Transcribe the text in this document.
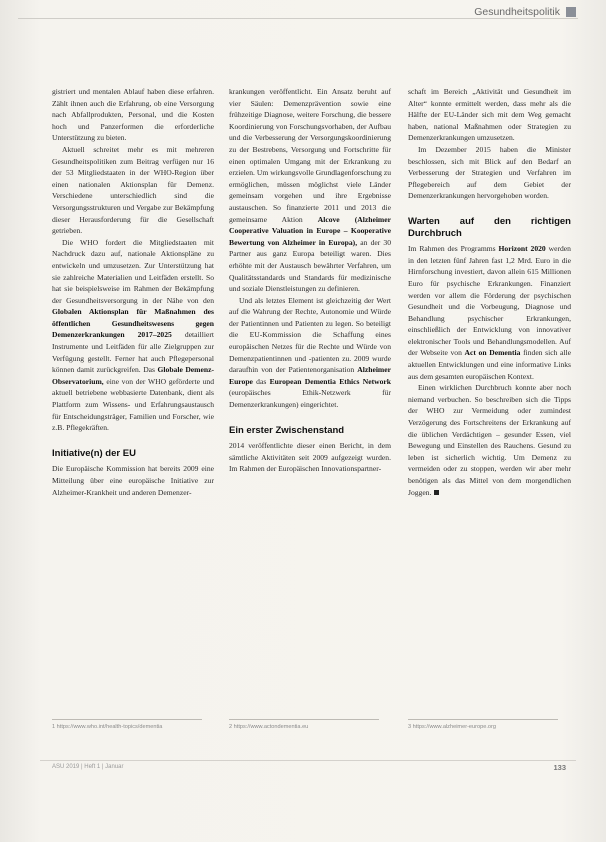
Gesundheitspolitik

gistriert und mentalen Ablauf haben diese erfahren. Zählt ihnen auch die Erfahrung, ob eine Versorgung nach Abfallprodukten, Personal, und die Kosten hoch und Panzerformen die erforderliche Unterstützung zu bieten.

Aktuell schreitet mehr es mit mehreren Gesundheitspolitiken zum Beitrag verfügen nur 16 der 53 Mitgliedstaaten in der WHO-Region über einen nationalen Aktionsplan für Demenz. Verschiedene unterschiedlich sind die Versorgungsstrukturen und Vergabe zur Bekämpfung dieser Herausforderung für die Gesellschaft getrieben.

Die WHO fordert die Mitgliedstaaten mit Nachdruck dazu auf, nationale Aktionspläne zu entwickeln und umzusetzen. Zur Unterstützung hat sie zahlreiche Materialien und Leitfäden erstellt. So hat sie beispielsweise im Rahmen der Bekämpfung der Gesundheitsversorgung in der Nähe von den Globalen Aktionsplan für Maßnahmen des öffentlichen Gesundheitswesens gegen Demenzerkrankungen 2017–2025 detailliert Instrumente und Leitfäden für alle Zielgruppen zur Verfügung gestellt. Ferner hat auch Pflegepersonal können damit zurückgreifen. Das Globale Demenz-Observatorium, eine von der WHO geförderte und aktuell betriebene webbasierte Datenbank, dient als Plattform zum Wissens- und Erfahrungsaustausch für Entscheidungsträger, Familien und Forscher, wie z.B. Pflegekräften.

Initiative(n) der EU

Die Europäische Kommission hat bereits 2009 eine Mitteilung über eine europäische Initiative zur Alzheimer-Krankheit und anderen Demenzer-

krankungen veröffentlicht. Ein Ansatz beruht auf vier Säulen: Demenzprävention sowie eine frühzeitige Diagnose, weitere Forschung, die bessere Koordinierung von Forschungsvorhaben, der Aufbau und die Verbesserung der Versorgungskoordinierung zu der Bestrebens, Versorgung und Fortschritte für einen optimalen Umgang mit der Erkrankung zu erzielen. Um wirkungsvolle Grundlagenforschung zu ermöglichen, müssen möglichst viele Länder gemeinsam vorgehen und ihre Ergebnisse austauschen. So finanzierte 2011 und 2013 die gemeinsame Aktion Alcove (Alzheimer Cooperative Valuation in Europe – Kooperative Bewertung von Alzheimer in Europa), an der 30 Partner aus ganz Europa beteiligt waren. Dies erhöhte mit der Austausch bewährter Verfahren, um Qualitätsstandards und Standards für medizinische und soziale Dienstleistungen zu definieren.

Und als letztes Element ist gleichzeitig der Wert auf die Wahrung der Rechte, Autonomie und Würde der Patientinnen und Patienten zu legen. So beteiligt die EU-Kommission die Schaffung eines europäischen Netzes für die Rechte und Würde von Demenzpatientinnen und -patienten zu. 2009 wurde daraufhin von der Patientenorganisation Alzheimer Europe das European Dementia Ethics Network (europäisches Ethik-Netzwerk für Demenzerkrankungen) eingerichtet.

Ein erster Zwischenstand

2014 veröffentlichte dieser einen Bericht, in dem sämtliche Aktivitäten seit 2009 aufgezeigt wurden. Im Rahmen der Europäischen Innovationspartner-

schaft im Bereich „Aktivität und Gesundheit im Alter“ konnte ermittelt werden, dass mehr als die Hälfte der EU-Länder sich mit dem Weg gemacht haben, national Maßnahmen oder Strategien zu Demenzerkrankungen umzusetzen.

Im Dezember 2015 haben die Minister beschlossen, sich mit Blick auf den Bedarf an Verbesserung der Strategien und Verfahren im Pflegebereich auf dem Gebiet der Demenzerkrankungen hervorgehoben worden.

Warten auf den richtigen Durchbruch

Im Rahmen des Programms Horizont 2020 werden in den letzten fünf Jahren fast 1,2 Mrd. Euro in die Hirnforschung investiert, davon allein 615 Millionen Euro für psychische Erkrankungen. Finanziert werden vor allem die Förderung der psychischen Gesundheit und die Vorbeugung, Diagnose und Behandlung psychischer Erkrankungen, einschließlich der Entwicklung von innovativer elektronischer Tools und Behandlungsmodellen. Auf der Webseite von Act on Dementia finden sich alle aktuellen Entwicklungen und eine informative Links aus dem gesamten europäischen Kontext.

Einen wirklichen Durchbruch konnte aber noch niemand verbuchen. So beschreiben sich die Tipps der WHO zur Vermeidung oder zumindest Verzögerung des Fortschreitens der Erkrankung auf die üblichen Verdächtigen – gesunder Essen, viel Bewegung und Einstellen des Rauchens. Gesund zu leben ist sicherlich wichtig. Um Demenz zu vermeiden oder zu stoppen, werden wir aber mehr benötigen als das Mittel von dem morgendlichen Joggen.

1 https://www.who.int/health-topics/dementia	2 https://www.actondementia.eu	3 https://www.alzheimer-europe.org
ASU 2019 | Heft 1 | Januar	133
